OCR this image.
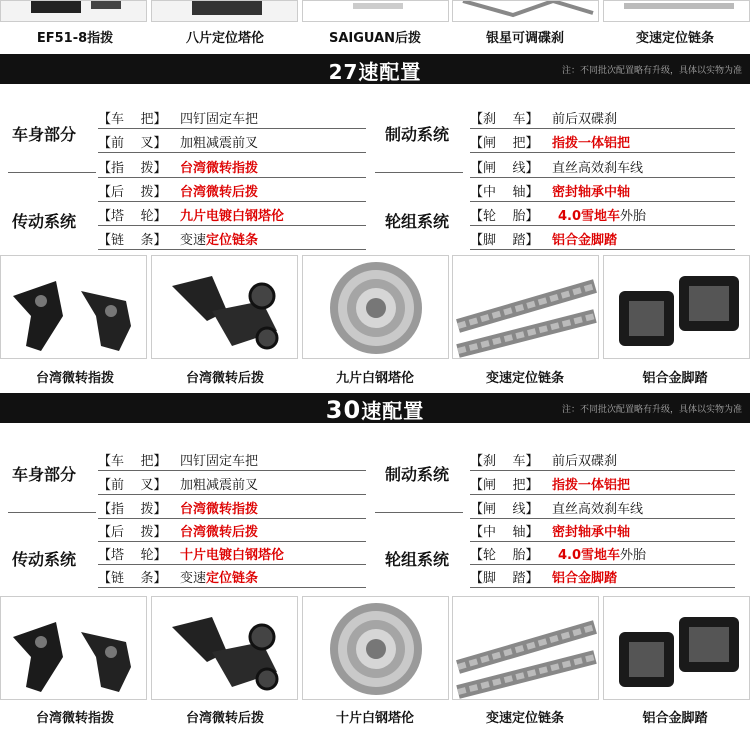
EF51-8指拨	八片定位塔伦	SAIGUAN后拨	银星可调碟刹	变速定位链条
27速配置	注：不同批次配置略有升级，具体以实物为准
车身部分
传动系统
制动系统
轮组系统
【车    把】	四钉固定车把
【前    叉】	加粗减震前叉
【指    拨】	台湾微转指拨
【后    拨】	台湾微转后拨
【塔    轮】	九片电镀白钢塔伦
【链    条】	变速 定位链条
【刹    车】	前后双碟刹
【闸    把】	指拨一体铝把
【闸    线】	直丝高效刹车线
【中    轴】	密封轴承中轴
【轮    胎】	4.0雪地车 外胎
【脚    踏】	铝合金脚踏
台湾微转指拨	台湾微转后拨	九片白钢塔伦	变速定位链条	铝合金脚踏
30速配置	注：不同批次配置略有升级，具体以实物为准
车身部分
传动系统
制动系统
轮组系统
【车    把】	四钉固定车把
【前    叉】	加粗减震前叉
【指    拨】	台湾微转指拨
【后    拨】	台湾微转后拨
【塔    轮】	十片电镀白钢塔伦
【链    条】	变速 定位链条
【刹    车】	前后双碟刹
【闸    把】	指拨一体铝把
【闸    线】	直丝高效刹车线
【中    轴】	密封轴承中轴
【轮    胎】	4.0雪地车 外胎
【脚    踏】	铝合金脚踏
台湾微转指拨	台湾微转后拨	十片白钢塔伦	变速定位链条	铝合金脚踏
